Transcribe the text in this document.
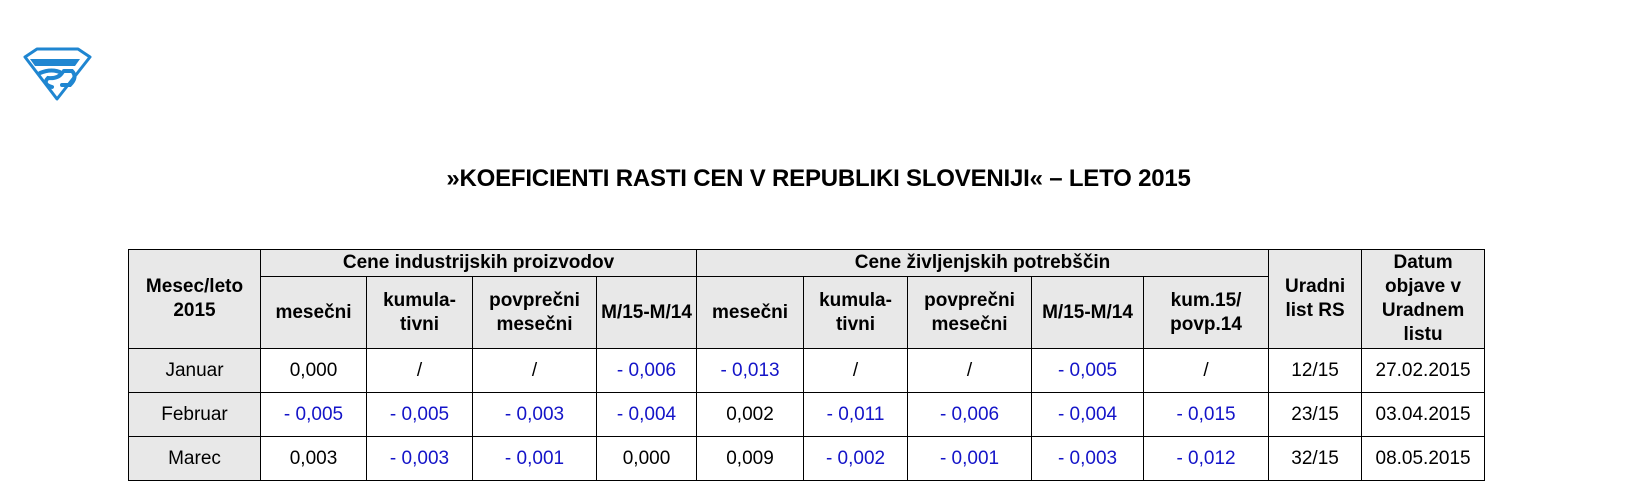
»KOEFICIENTI RASTI CEN V REPUBLIKI SLOVENIJI« – LETO 2015
Mesec/leto 2015	Cene industrijskih proizvodov				Cene življenjskih potrebščin					Uradni list RS	Datum objave v Uradnem listu
	mesečni	kumula-tivni	povprečni mesečni	M/15-M/14	mesečni	kumula-tivni	povprečni mesečni	M/15-M/14	kum.15/ povp.14		
Januar	0,000	/	/	- 0,006	- 0,013	/	/	- 0,005	/	12/15	27.02.2015
Februar	- 0,005	- 0,005	- 0,003	- 0,004	0,002	- 0,011	- 0,006	- 0,004	- 0,015	23/15	03.04.2015
Marec	0,003	- 0,003	- 0,001	0,000	0,009	- 0,002	- 0,001	- 0,003	- 0,012	32/15	08.05.2015
